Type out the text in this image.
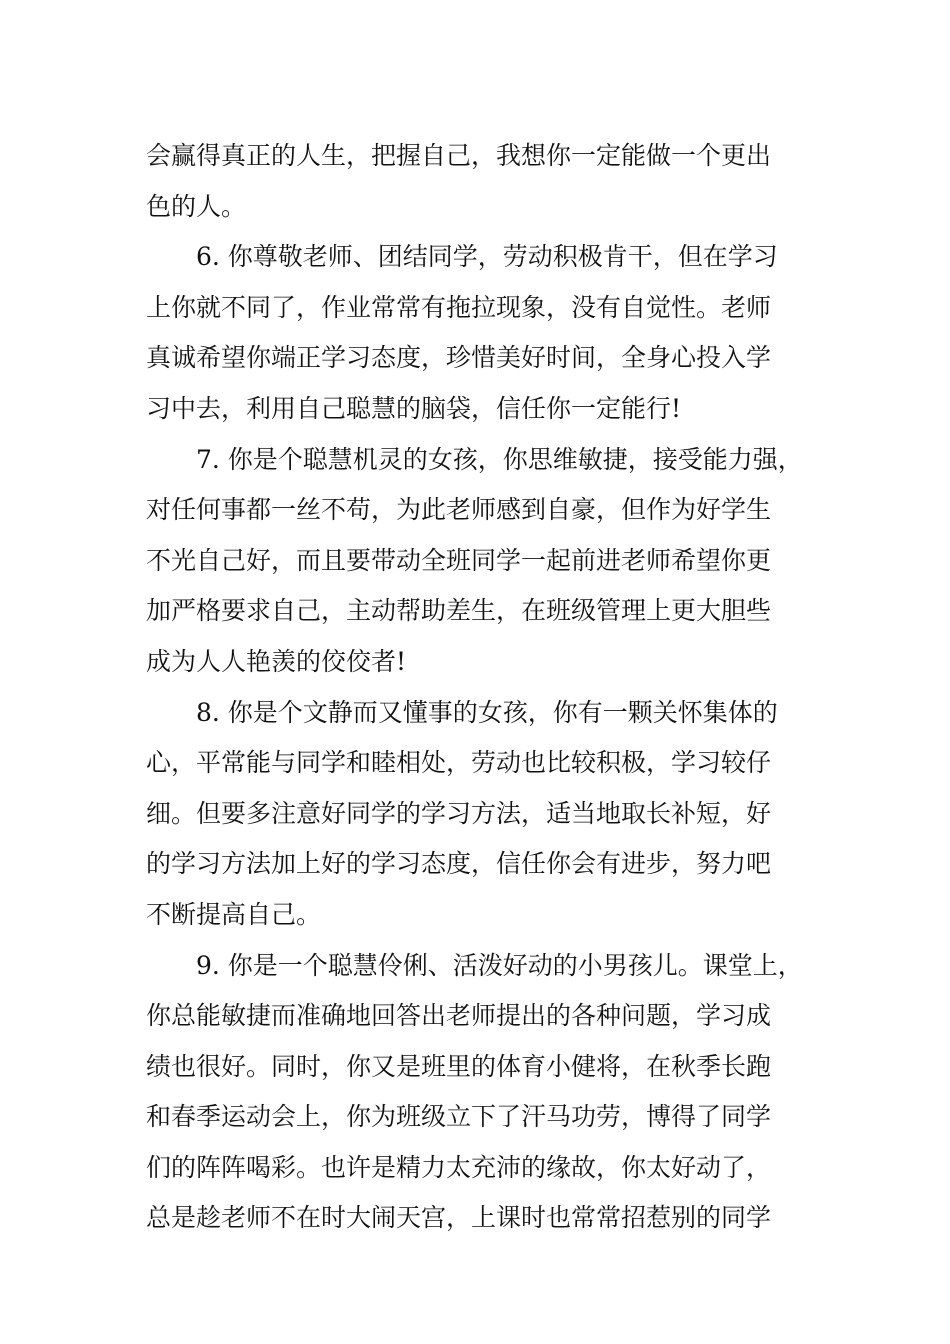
会赢得真正的人生，把握自己，我想你一定能做一个更出
色的人。
6. 你尊敬老师、团结同学，劳动积极肯干，但在学习
上你就不同了，作业常常有拖拉现象，没有自觉性。老师
真诚希望你端正学习态度，珍惜美好时间，全身心投入学
习中去，利用自己聪慧的脑袋，信任你一定能行!
7. 你是个聪慧机灵的女孩，你思维敏捷，接受能力强，
对任何事都一丝不苟，为此老师感到自豪，但作为好学生
不光自己好，而且要带动全班同学一起前进老师希望你更
加严格要求自己，主动帮助差生，在班级管理上更大胆些
成为人人艳羡的佼佼者!
8. 你是个文静而又懂事的女孩，你有一颗关怀集体的
心，平常能与同学和睦相处，劳动也比较积极，学习较仔
细。但要多注意好同学的学习方法，适当地取长补短，好
的学习方法加上好的学习态度，信任你会有进步，努力吧
不断提高自己。
9. 你是一个聪慧伶俐、活泼好动的小男孩儿。课堂上，
你总能敏捷而准确地回答出老师提出的各种问题，学习成
绩也很好。同时，你又是班里的体育小健将，在秋季长跑
和春季运动会上，你为班级立下了汗马功劳，博得了同学
们的阵阵喝彩。也许是精力太充沛的缘故，你太好动了，
总是趁老师不在时大闹天宫，上课时也常常招惹别的同学
